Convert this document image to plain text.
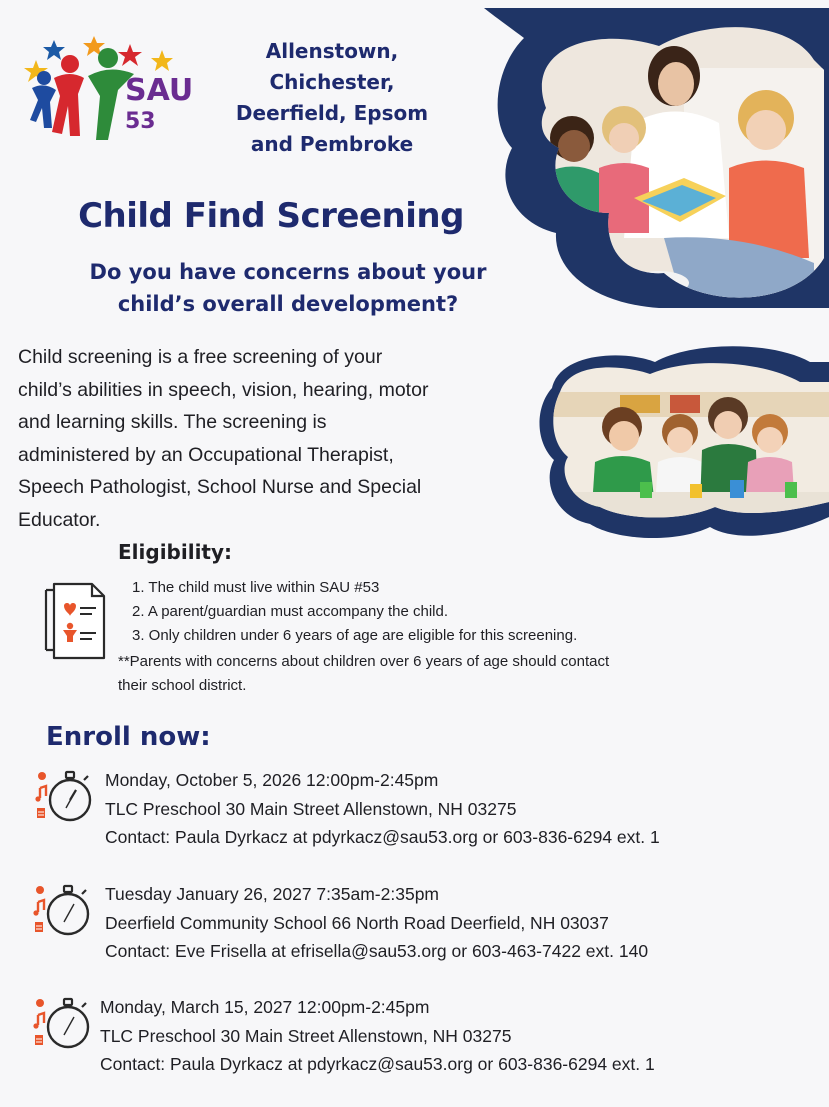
SAU
53
Allenstown,
Chichester,
Deerfield, Epsom
and Pembroke
Child Find Screening
Do you have concerns about your
child’s overall development?
Child screening is a free screening of your
child’s abilities in speech, vision, hearing, motor
and learning skills. The screening is
administered by an Occupational Therapist,
Speech Pathologist, School Nurse and Special
Educator.
Eligibility:
1. The child must live within SAU #53
2. A parent/guardian must accompany the child.
3. Only children under 6 years of age are eligible for this screening.
**Parents with concerns about children over 6 years of age should contact
their school district.
Enroll now:
Monday, October 5, 2026 12:00pm-2:45pm
TLC Preschool 30 Main Street Allenstown, NH 03275
Contact: Paula Dyrkacz at pdyrkacz@sau53.org or 603-836-6294 ext. 1
Tuesday January 26, 2027 7:35am-2:35pm
Deerfield Community School 66 North Road Deerfield, NH 03037
Contact: Eve Frisella at efrisella@sau53.org or 603-463-7422 ext. 140
Monday, March 15, 2027 12:00pm-2:45pm
TLC Preschool 30 Main Street Allenstown, NH 03275
Contact: Paula Dyrkacz at pdyrkacz@sau53.org or 603-836-6294 ext. 1
